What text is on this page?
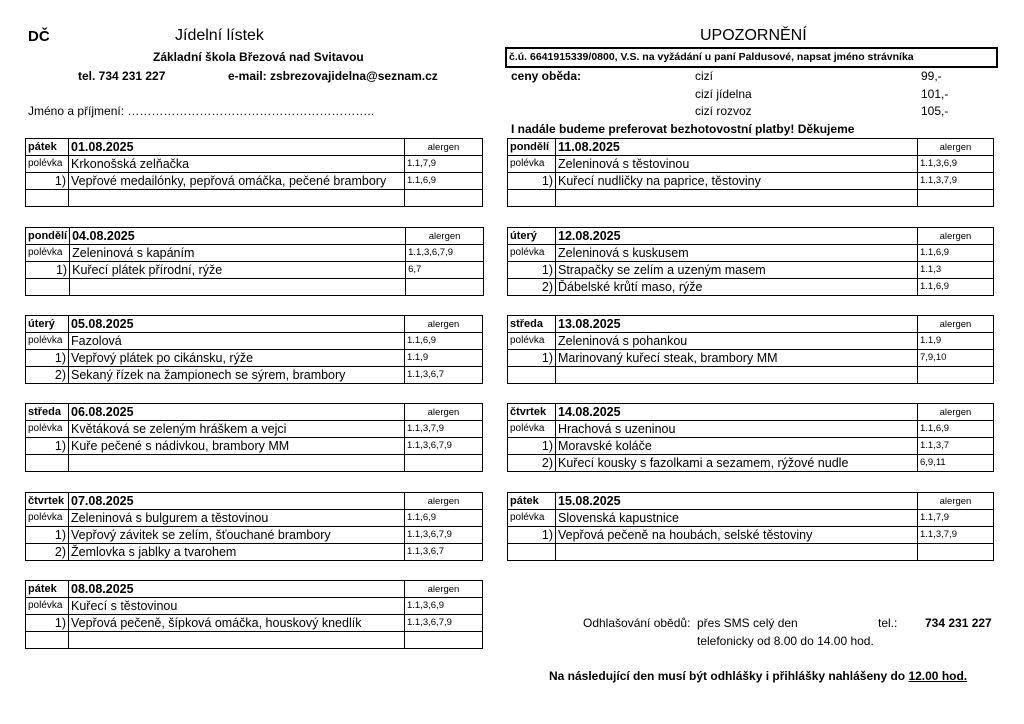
DČ	Jídelní lístek
Základní škola Březová nad Svitavou
tel. 734 231 227	e-mail: zsbrezovajidelna@seznam.cz
Jméno a příjmení: ……………………………………………………..
UPOZORNĚNÍ
č.ú. 6641915339/0800, V.S. na vyžádání u paní Paldusové, napsat jméno strávníka
ceny obědа:	cizí	99,-
cizí jídelna	101,-
cizí rozvoz	105,-
I nadále budeme preferovat bezhotovostní platby! Děkujeme
pátek	01.08.2025	alergen
polévka	Krkonošská zelňačka	1.1,7,9
1)	Vepřové medailónky, pepřová omáčka, pečené brambory	1.1,6,9

pondělí	04.08.2025	alergen
polévka	Zeleninová s kapáním	1.1,3,6,7,9
1)	Kuřecí plátek přírodní, rýže	6,7

úterý	05.08.2025	alergen
polévka	Fazolová	1.1,6,9
1)	Vepřový plátek po cikánsku, rýže	1.1,9
2)	Sekaný řízek na žampionech se sýrem, brambory	1.1,3,6,7
středa	06.08.2025	alergen
polévka	Květáková se zeleným hráškem a vejci	1.1,3,7,9
1)	Kuře pečené s nádivkou, brambory MM	1.1,3,6,7,9

čtvrtek	07.08.2025	alergen
polévka	Zeleninová s bulgurem a těstovinou	1.1,6,9
1)	Vepřový závitek se zelím, šťouchané brambory	1.1,3,6,7,9
2)	Žemlovka s jablky a tvarohem	1.1,3,6,7
pátek	08.08.2025	alergen
polévka	Kuřecí s těstovinou	1.1,3,6,9
1)	Vepřová pečeně, šípková omáčka, houskový knedlík	1.1,3,6,7,9

pondělí	11.08.2025	alergen
polévka	Zeleninová s těstovinou	1.1,3,6,9
1)	Kuřecí nudličky na paprice, těstoviny	1.1,3,7,9

úterý	12.08.2025	alergen
polévka	Zeleninová s kuskusem	1.1,6,9
1)	Strapačky se zelím a uzeným masem	1.1,3
2)	Ďábelské krůtí maso, rýže	1.1,6,9
středa	13.08.2025	alergen
polévka	Zeleninová s pohankou	1.1,9
1)	Marinovaný kuřecí steak, brambory MM	7,9,10

čtvrtek	14.08.2025	alergen
polévka	Hrachová s uzeninou	1.1,6,9
1)	Moravské koláče	1.1,3,7
2)	Kuřecí kousky s fazolkami a sezamem, rýžové nudle	6,9,11
pátek	15.08.2025	alergen
polévka	Slovenská kapustnice	1.1,7,9
1)	Vepřová pečeně na houbách, selské těstoviny	1.1,3,7,9

Odhlašování obědů: přes SMS celý den	tel.: 734 231 227
telefonicky od 8.00 do 14.00 hod.
Na následující den musí být odhlášky i přihlášky nahlášeny do 12.00 hod.
